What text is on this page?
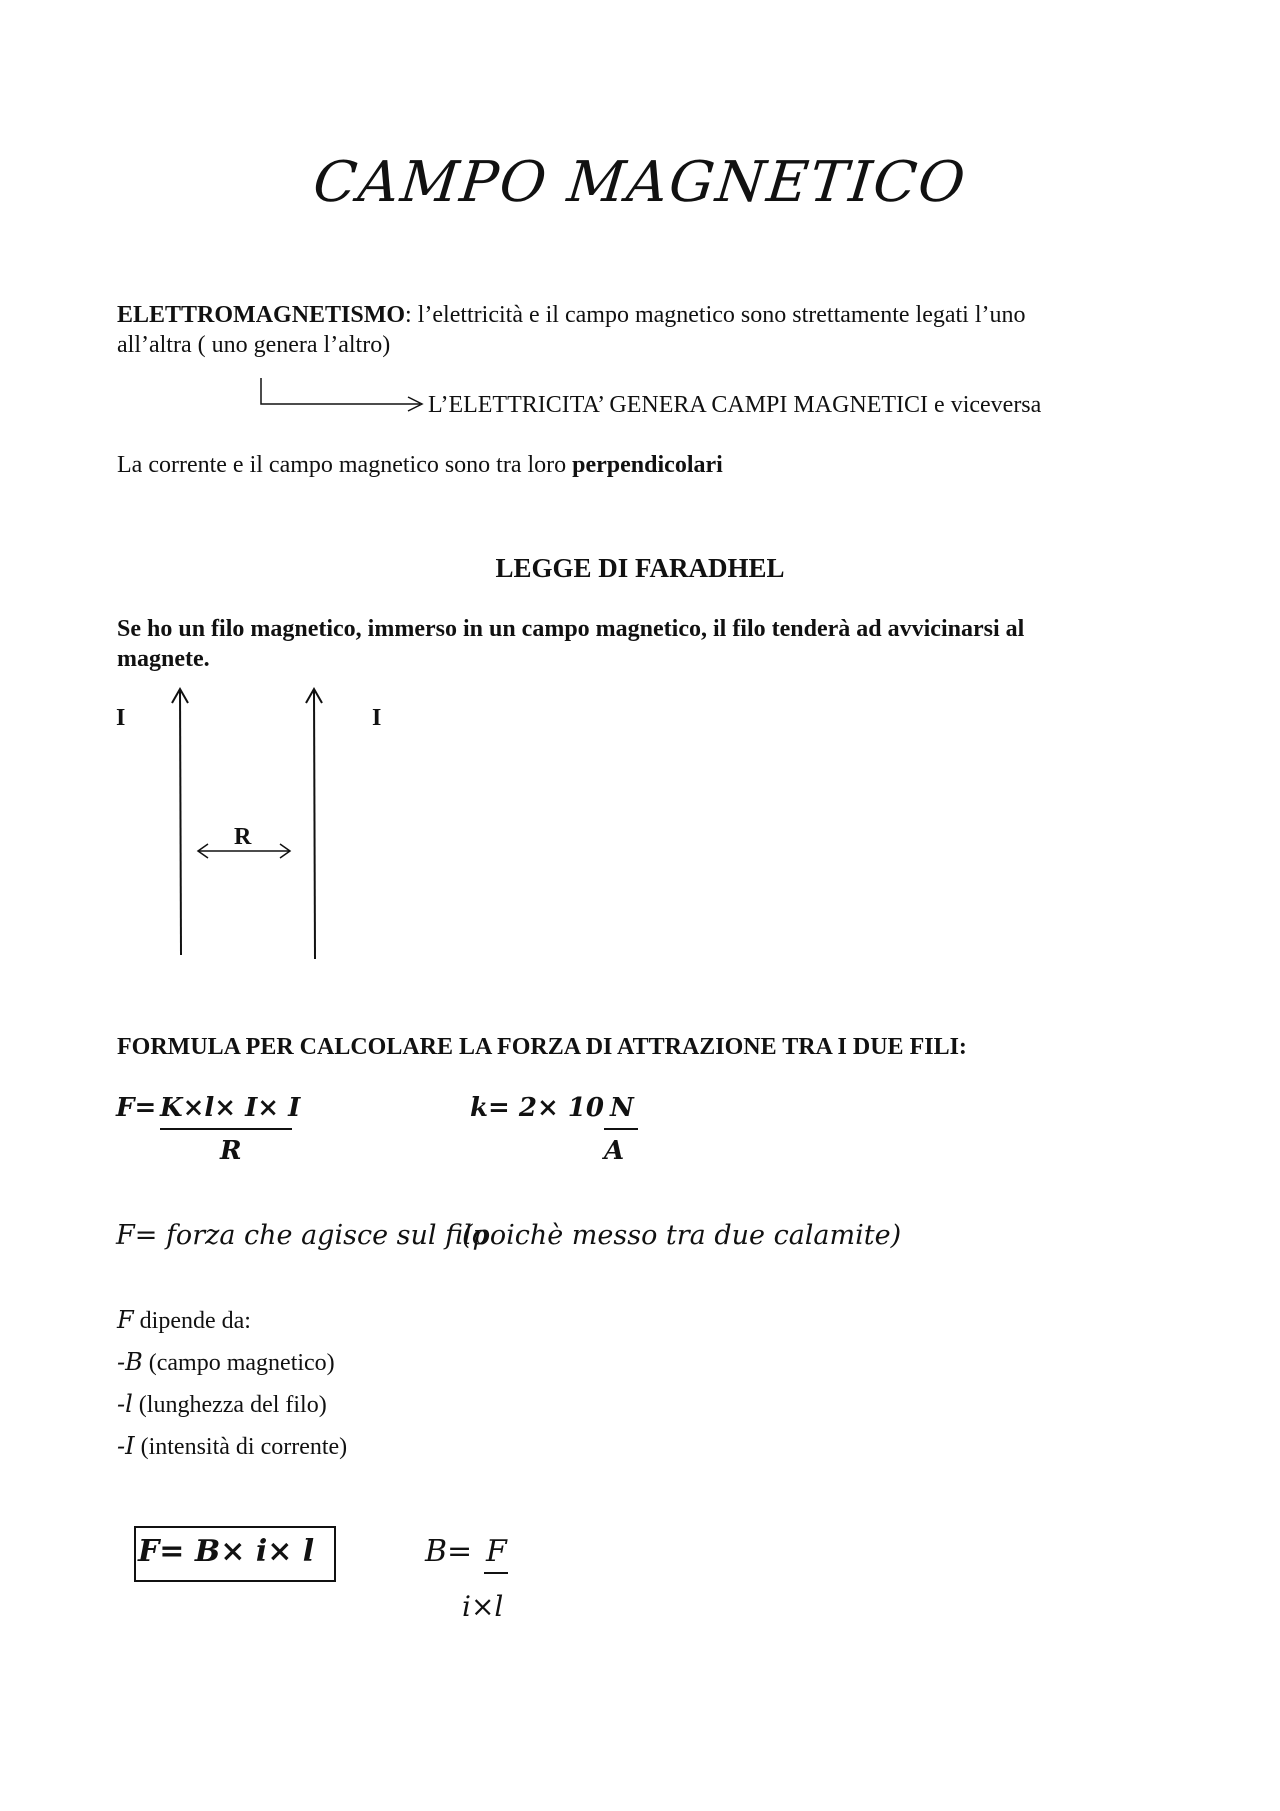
CAMPO MAGNETICO
ELETTROMAGNETISMO: l’elettricità e il campo magnetico sono strettamente legati l’uno
all’altra ( uno genera l’altro)
L’ELETTRICITA’ GENERA CAMPI MAGNETICI e viceversa
La corrente e il campo magnetico sono tra loro perpendicolari
LEGGE DI FARADHEL
Se ho un filo magnetico, immerso in un campo magnetico, il filo tenderà ad avvicinarsi al
magnete.
I	I
R
FORMULA PER CALCOLARE LA FORZA DI ATTRAZIONE TRA I DUE FILI:
F= K×l× I× I
R
k= 2× 10 N
A
F= forza che agisce sul filo
(poichè messo tra due calamite)
F dipende da:
-B (campo magnetico)
-l (lunghezza del filo)
-I (intensità di corrente)
F= B× i× l	B= F
i×l
